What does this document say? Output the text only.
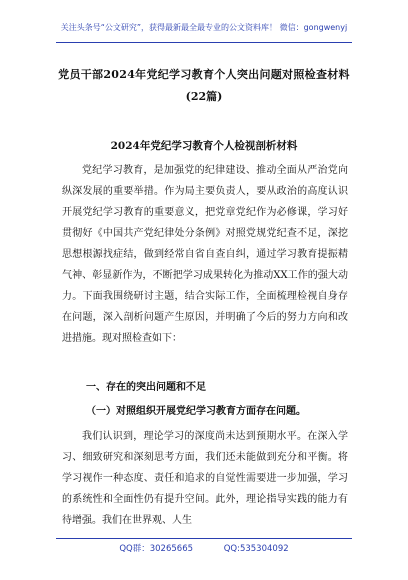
关注头条号“公文研究”，获得最新最全最专业的公文资料库！ 微信：gongwenyj
党员干部2024年党纪学习教育个人突出问题对照检查材料
(22篇)
2024年党纪学习教育个人检视剖析材料

党纪学习教育，是加强党的纪律建设、推动全面从严治党向纵深发展的重要举措。作为局主要负责人，要从政治的高度认识开展党纪学习教育的重要意义，把党章党纪作为必修课，学习好贯彻好《中国共产党纪律处分条例》对照党规党纪查不足，深挖思想根源找症结，做到经常自省自查自纠，通过学习教育提振精气神、彰显新作为，不断把学习成果转化为推动XX工作的强大动力。下面我围绕研讨主题，结合实际工作，全面梳理检视自身存在问题，深入剖析问题产生原因，并明确了今后的努力方向和改进措施。现对照检查如下：

一、存在的突出问题和不足
（一）对照组织开展党纪学习教育方面存在问题。

我们认识到，理论学习的深度尚未达到预期水平。在深入学习、细致研究和深刻思考方面，我们还未能做到充分和平衡。将学习视作一种态度、责任和追求的自觉性需要进一步加强，学习的系统性和全面性仍有提升空间。此外，理论指导实践的能力有待增强。我们在世界观、人生

QQ群：30265665	QQ:535304092
